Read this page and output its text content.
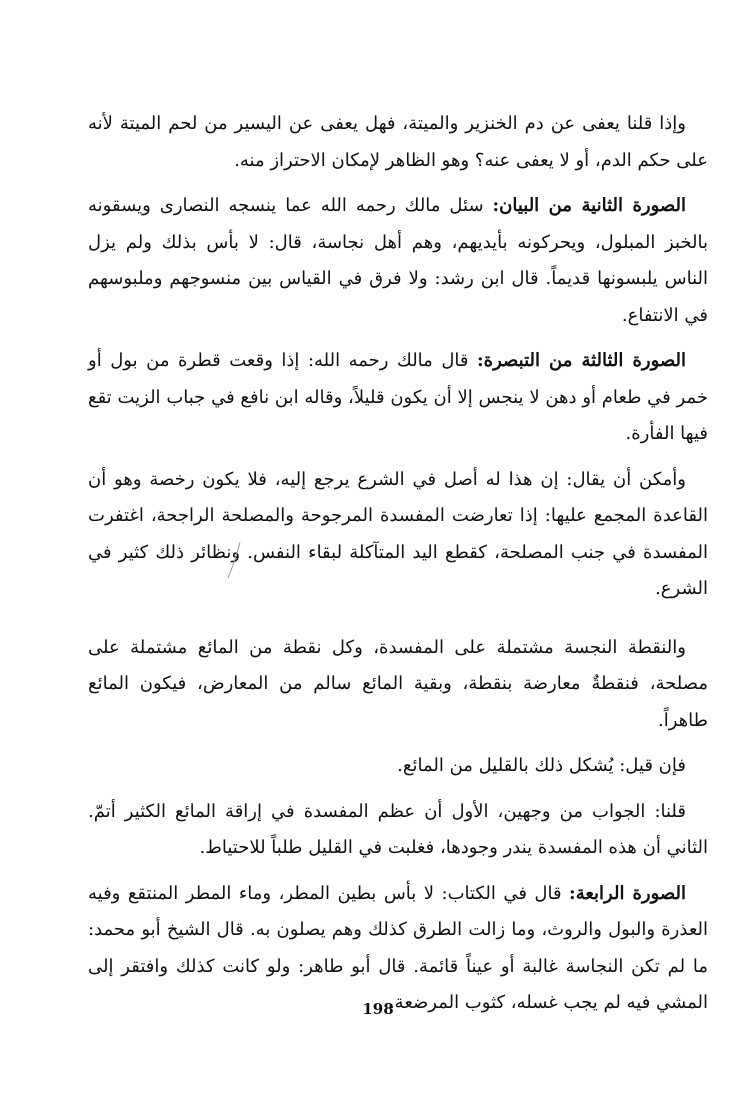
وإذا قلنا يعفى عن دم الخنزير والميتة، فهل يعفى عن اليسير من لحم الميتة لأنه على حكم الدم، أو لا يعفى عنه؟ وهو الظاهر لإمكان الاحتراز منه.

الصورة الثانية من البيان: سئل مالك رحمه الله عما ينسجه النصارى ويسقونه بالخبز المبلول، ويحركونه بأيديهم، وهم أهل نجاسة، قال: لا بأس بذلك ولم يزل الناس يلبسونها قديماً. قال ابن رشد: ولا فرق في القياس بين منسوجهم وملبوسهم في الانتفاع.

الصورة الثالثة من التبصرة: قال مالك رحمه الله: إذا وقعت قطرة من بول أو خمر في طعام أو دهن لا ينجس إلا أن يكون قليلاً، وقاله ابن نافع في جباب الزيت تقع فيها الفأرة.

وأمكن أن يقال: إن هذا له أصل في الشرع يرجع إليه، فلا يكون رخصة وهو أن القاعدة المجمع عليها: إذا تعارضت المفسدة المرجوحة والمصلحة الراجحة، اغتفرت المفسدة في جنب المصلحة، كقطع اليد المتآكلة لبقاء النفس. ونظائر ذلك كثير في الشرع.

والنقطة النجسة مشتملة على المفسدة، وكل نقطة من المائع مشتملة على مصلحة، فنقطةٌ معارضة بنقطة، وبقية المائع سالم من المعارض، فيكون المائع طاهراً.

فإن قيل: يُشكل ذلك بالقليل من المائع.

قلنا: الجواب من وجهين، الأول أن عظم المفسدة في إراقة المائع الكثير أتمّ. الثاني أن هذه المفسدة يندر وجودها، فغلبت في القليل طلباً للاحتياط.

الصورة الرابعة: قال في الكتاب: لا بأس بطين المطر، وماء المطر المنتقع وفيه العذرة والبول والروث، وما زالت الطرق كذلك وهم يصلون به. قال الشيخ أبو محمد: ما لم تكن النجاسة غالبة أو عيناً قائمة. قال أبو طاهر: ولو كانت كذلك وافتقر إلى المشي فيه لم يجب غسله، كثوب المرضعة.

198
